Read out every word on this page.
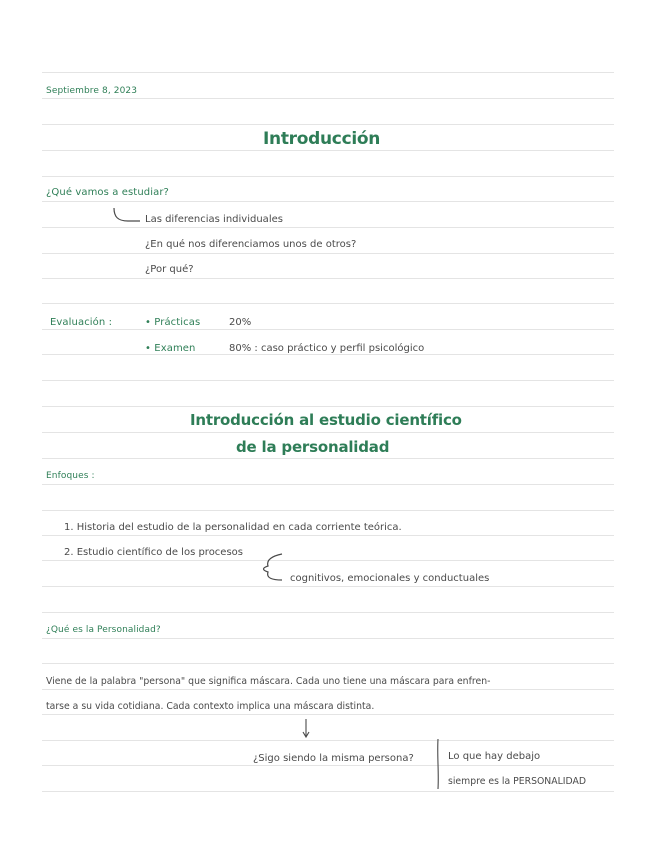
Septiembre 8, 2023
Introducción
¿Qué vamos a estudiar?
Las diferencias individuales
¿En qué nos diferenciamos unos de otros?
¿Por qué?
Evaluación :	• Prácticas	20%
• Examen	80% : caso práctico y perfil psicológico
Introducción al estudio científico
de la personalidad
Enfoques :
1. Historia del estudio de la personalidad en cada corriente teórica.
2. Estudio científico de los procesos
cognitivos, emocionales y conductuales
¿Qué es la Personalidad?
Viene de la palabra "persona" que significa máscara. Cada uno tiene una máscara para enfren-
tarse a su vida cotidiana. Cada contexto implica una máscara distinta.
¿Sigo siendo la misma persona?	Lo que hay debajo
siempre es la PERSONALIDAD
